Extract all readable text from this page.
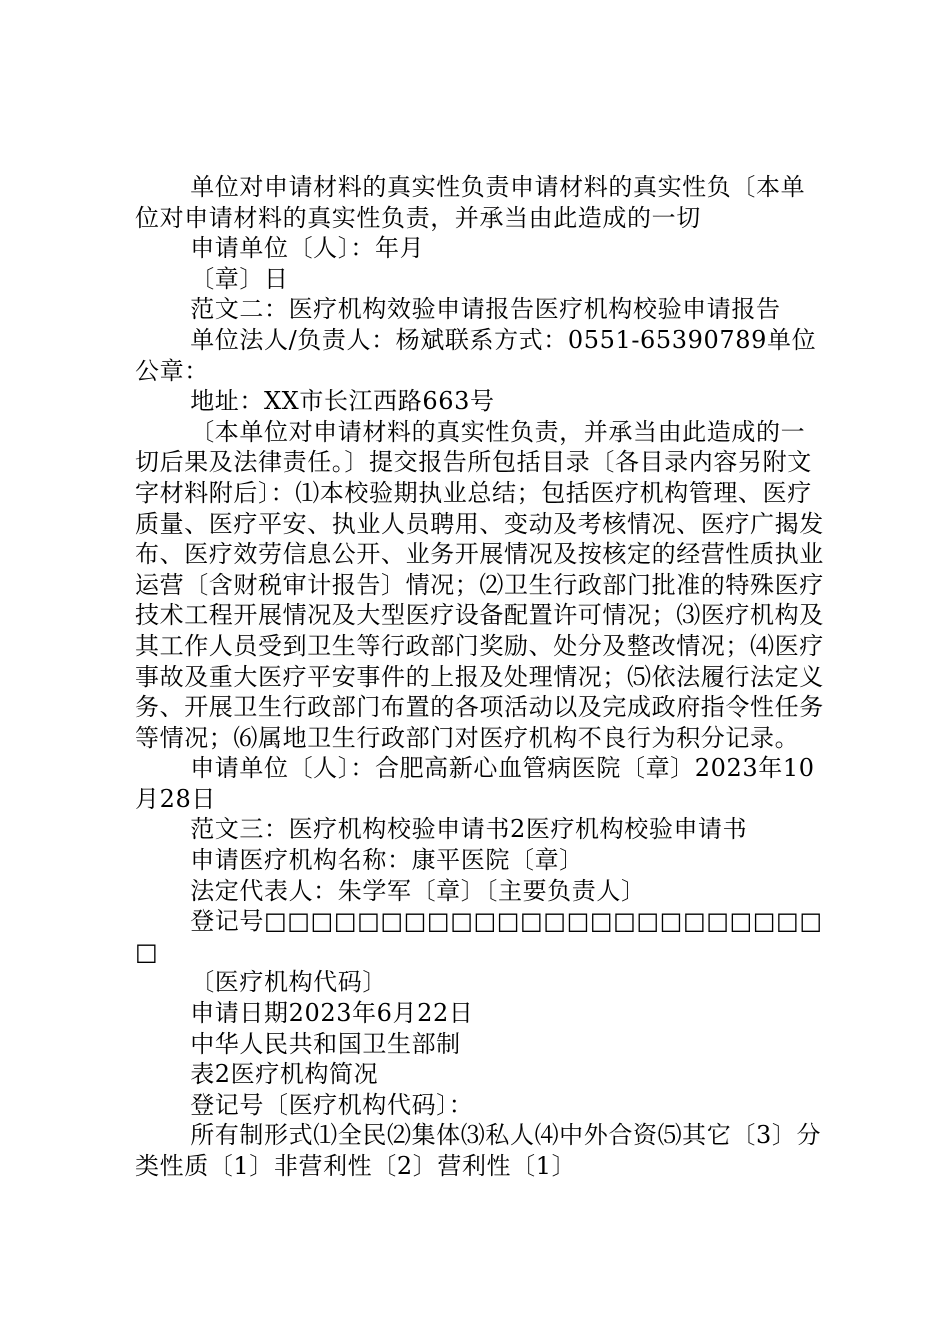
单位对申请材料的真实性负责申请材料的真实性负〔本单位对申请材料的真实性负责，并承当由此造成的一切

申请单位〔人〕：年月

〔章〕日

范文二：医疗机构效验申请报告医疗机构校验申请报告

单位法人/负责人：杨斌联系方式：0551-65390789单位公章：

地址：XX市长江西路663号

〔本单位对申请材料的真实性负责，并承当由此造成的一切后果及法律责任。〕提交报告所包括目录〔各目录内容另附文字材料附后〕：⑴本校验期执业总结；包括医疗机构管理、医疗质量、医疗平安、执业人员聘用、变动及考核情况、医疗广揭发布、医疗效劳信息公开、业务开展情况及按核定的经营性质执业运营〔含财税审计报告〕情况；⑵卫生行政部门批准的特殊医疗技术工程开展情况及大型医疗设备配置许可情况；⑶医疗机构及其工作人员受到卫生等行政部门奖励、处分及整改情况；⑷医疗事故及重大医疗平安事件的上报及处理情况；⑸依法履行法定义务、开展卫生行政部门布置的各项活动以及完成政府指令性任务等情况；⑹属地卫生行政部门对医疗机构不良行为积分记录。

申请单位〔人〕：合肥高新心血管病医院〔章〕2023年10月28日

范文三：医疗机构校验申请书2医疗机构校验申请书

申请医疗机构名称：康平医院〔章〕

法定代表人：朱学军〔章〕〔主要负责人〕

登记号□□□□□□□□□□□□□□□□□□□□□□□□□

〔医疗机构代码〕

申请日期2023年6月22日

中华人民共和国卫生部制

表2医疗机构简况

登记号〔医疗机构代码〕：

所有制形式⑴全民⑵集体⑶私人⑷中外合资⑸其它〔3〕分类性质〔1〕非营利性〔2〕营利性〔1〕
